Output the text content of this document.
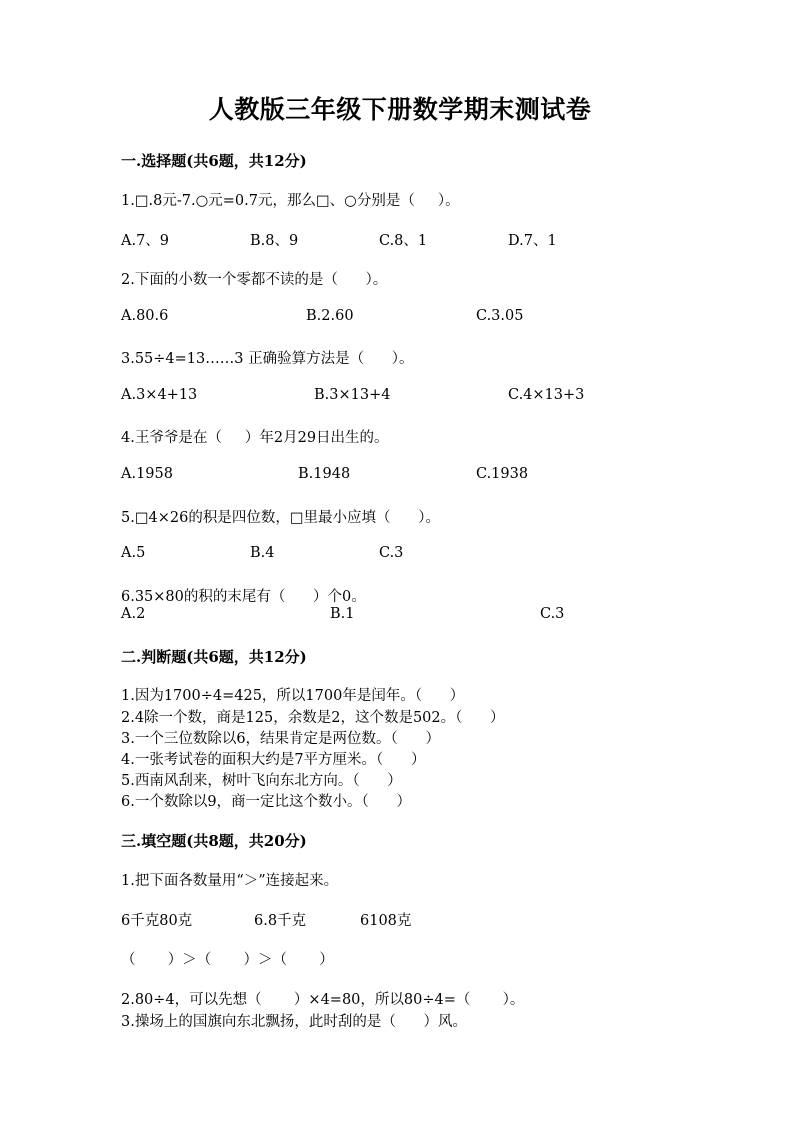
人教版三年级下册数学期末测试卷
一.选择题(共6题，共12分)
1.□.8元-7.○元=0.7元，那么□、○分别是（     ）。
A.7、9	B.8、9	C.8、1	D.7、1
2.下面的小数一个零都不读的是（      ）。
A.80.6	B.2.60	C.3.05
3.55÷4=13……3 正确验算方法是（      ）。
A.3×4+13	B.3×13+4	C.4×13+3
4.王爷爷是在（     ）年2月29日出生的。
A.1958	B.1948	C.1938
5.□4×26的积是四位数，□里最小应填（      ）。
A.5	B.4	C.3
6.35×80的积的末尾有（      ）个0。
A.2	B.1	C.3
二.判断题(共6题，共12分)
1.因为1700÷4=425，所以1700年是闰年。（      ）
2.4除一个数，商是125，余数是2，这个数是502。（      ）
3.一个三位数除以6，结果肯定是两位数。（      ）
4.一张考试卷的面积大约是7平方厘米。（      ）
5.西南风刮来，树叶飞向东北方向。（      ）
6.一个数除以9，商一定比这个数小。（      ）
三.填空题(共8题，共20分)
1.把下面各数量用“＞”连接起来。
6千克80克	6.8千克	6108克
（       ）＞（       ）＞（       ）
2.80÷4，可以先想（       ）×4=80，所以80÷4=（       ）。
3.操场上的国旗向东北飘扬，此时刮的是（      ）风。
